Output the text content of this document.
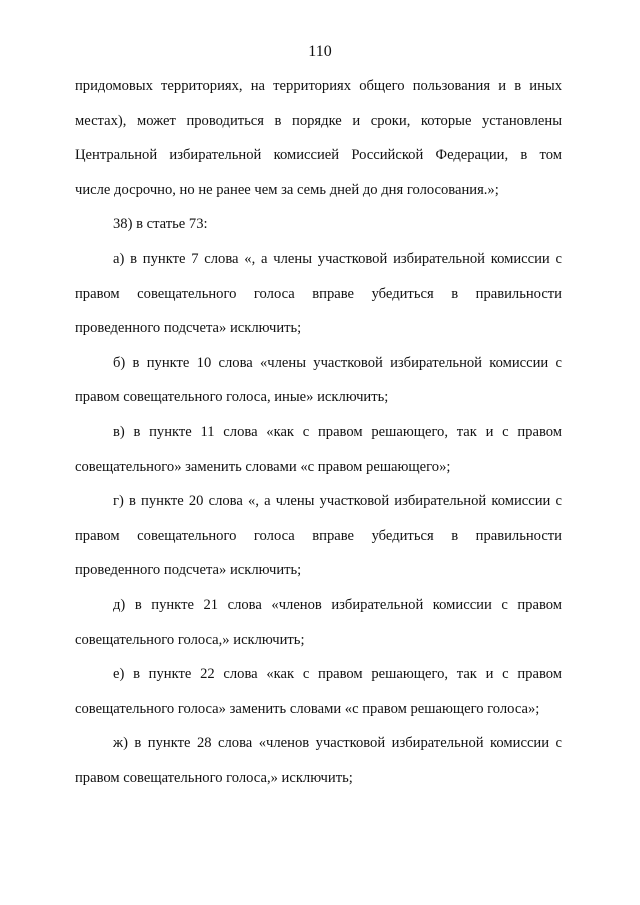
110
придомовых территориях, на территориях общего пользования и в иных
местах), может проводиться в порядке и сроки, которые установлены
Центральной избирательной комиссией Российской Федерации, в том
числе досрочно, но не ранее чем за семь дней до дня голосования.»;
38) в статье 73:
а) в пункте 7 слова «, а члены участковой избирательной комиссии с
правом совещательного голоса вправе убедиться в правильности
проведенного подсчета» исключить;
б) в пункте 10 слова «члены участковой избирательной комиссии с
правом совещательного голоса, иные» исключить;
в) в пункте 11 слова «как с правом решающего, так и с правом
совещательного» заменить словами «с правом решающего»;
г) в пункте 20 слова «, а члены участковой избирательной комиссии с
правом совещательного голоса вправе убедиться в правильности
проведенного подсчета» исключить;
д) в пункте 21 слова «членов избирательной комиссии с правом
совещательного голоса,» исключить;
е) в пункте 22 слова «как с правом решающего, так и с правом
совещательного голоса» заменить словами «с правом решающего голоса»;
ж) в пункте 28 слова «членов участковой избирательной комиссии с
правом совещательного голоса,» исключить;
